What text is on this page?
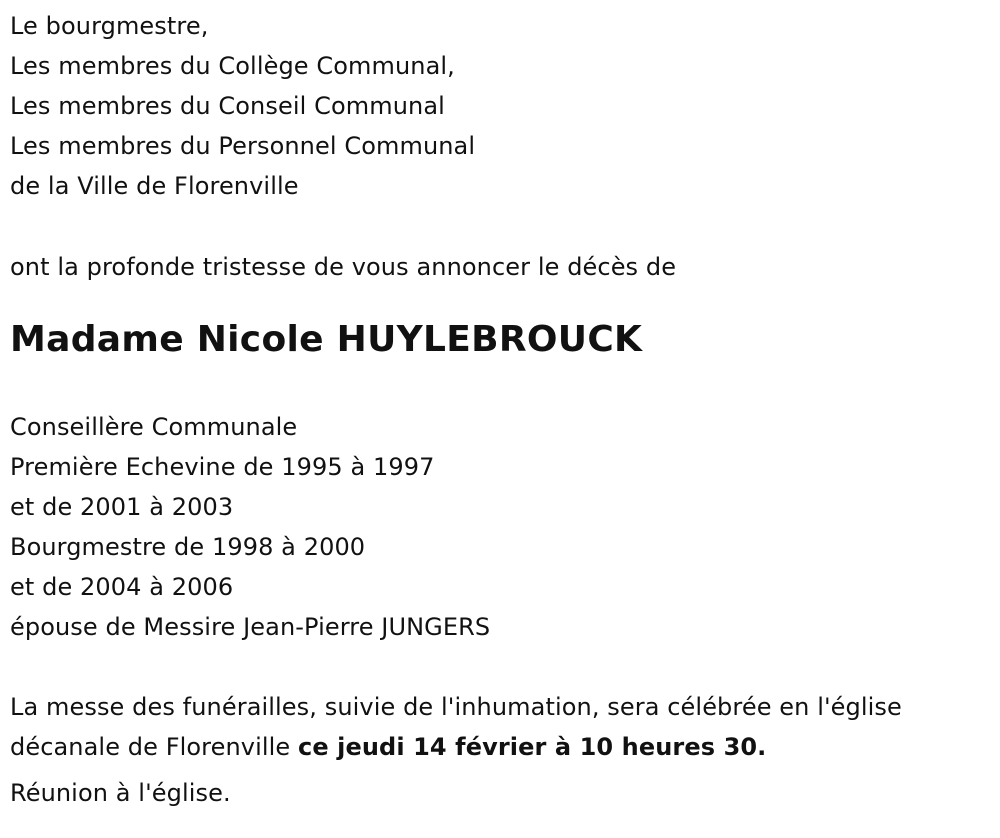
Le bourgmestre,
Les membres du Collège Communal,
Les membres du Conseil Communal
Les membres du Personnel Communal
de la Ville de Florenville
ont la profonde tristesse de vous annoncer le décès de
Madame Nicole HUYLEBROUCK
Conseillère Communale
Première Echevine de 1995 à 1997
et de 2001 à 2003
Bourgmestre de 1998 à 2000
et de 2004 à 2006
épouse de Messire Jean-Pierre JUNGERS
La messe des funérailles, suivie de l'inhumation, sera célébrée en l'église
décanale de Florenville ce jeudi 14 février à 10 heures 30.
Réunion à l'église.
